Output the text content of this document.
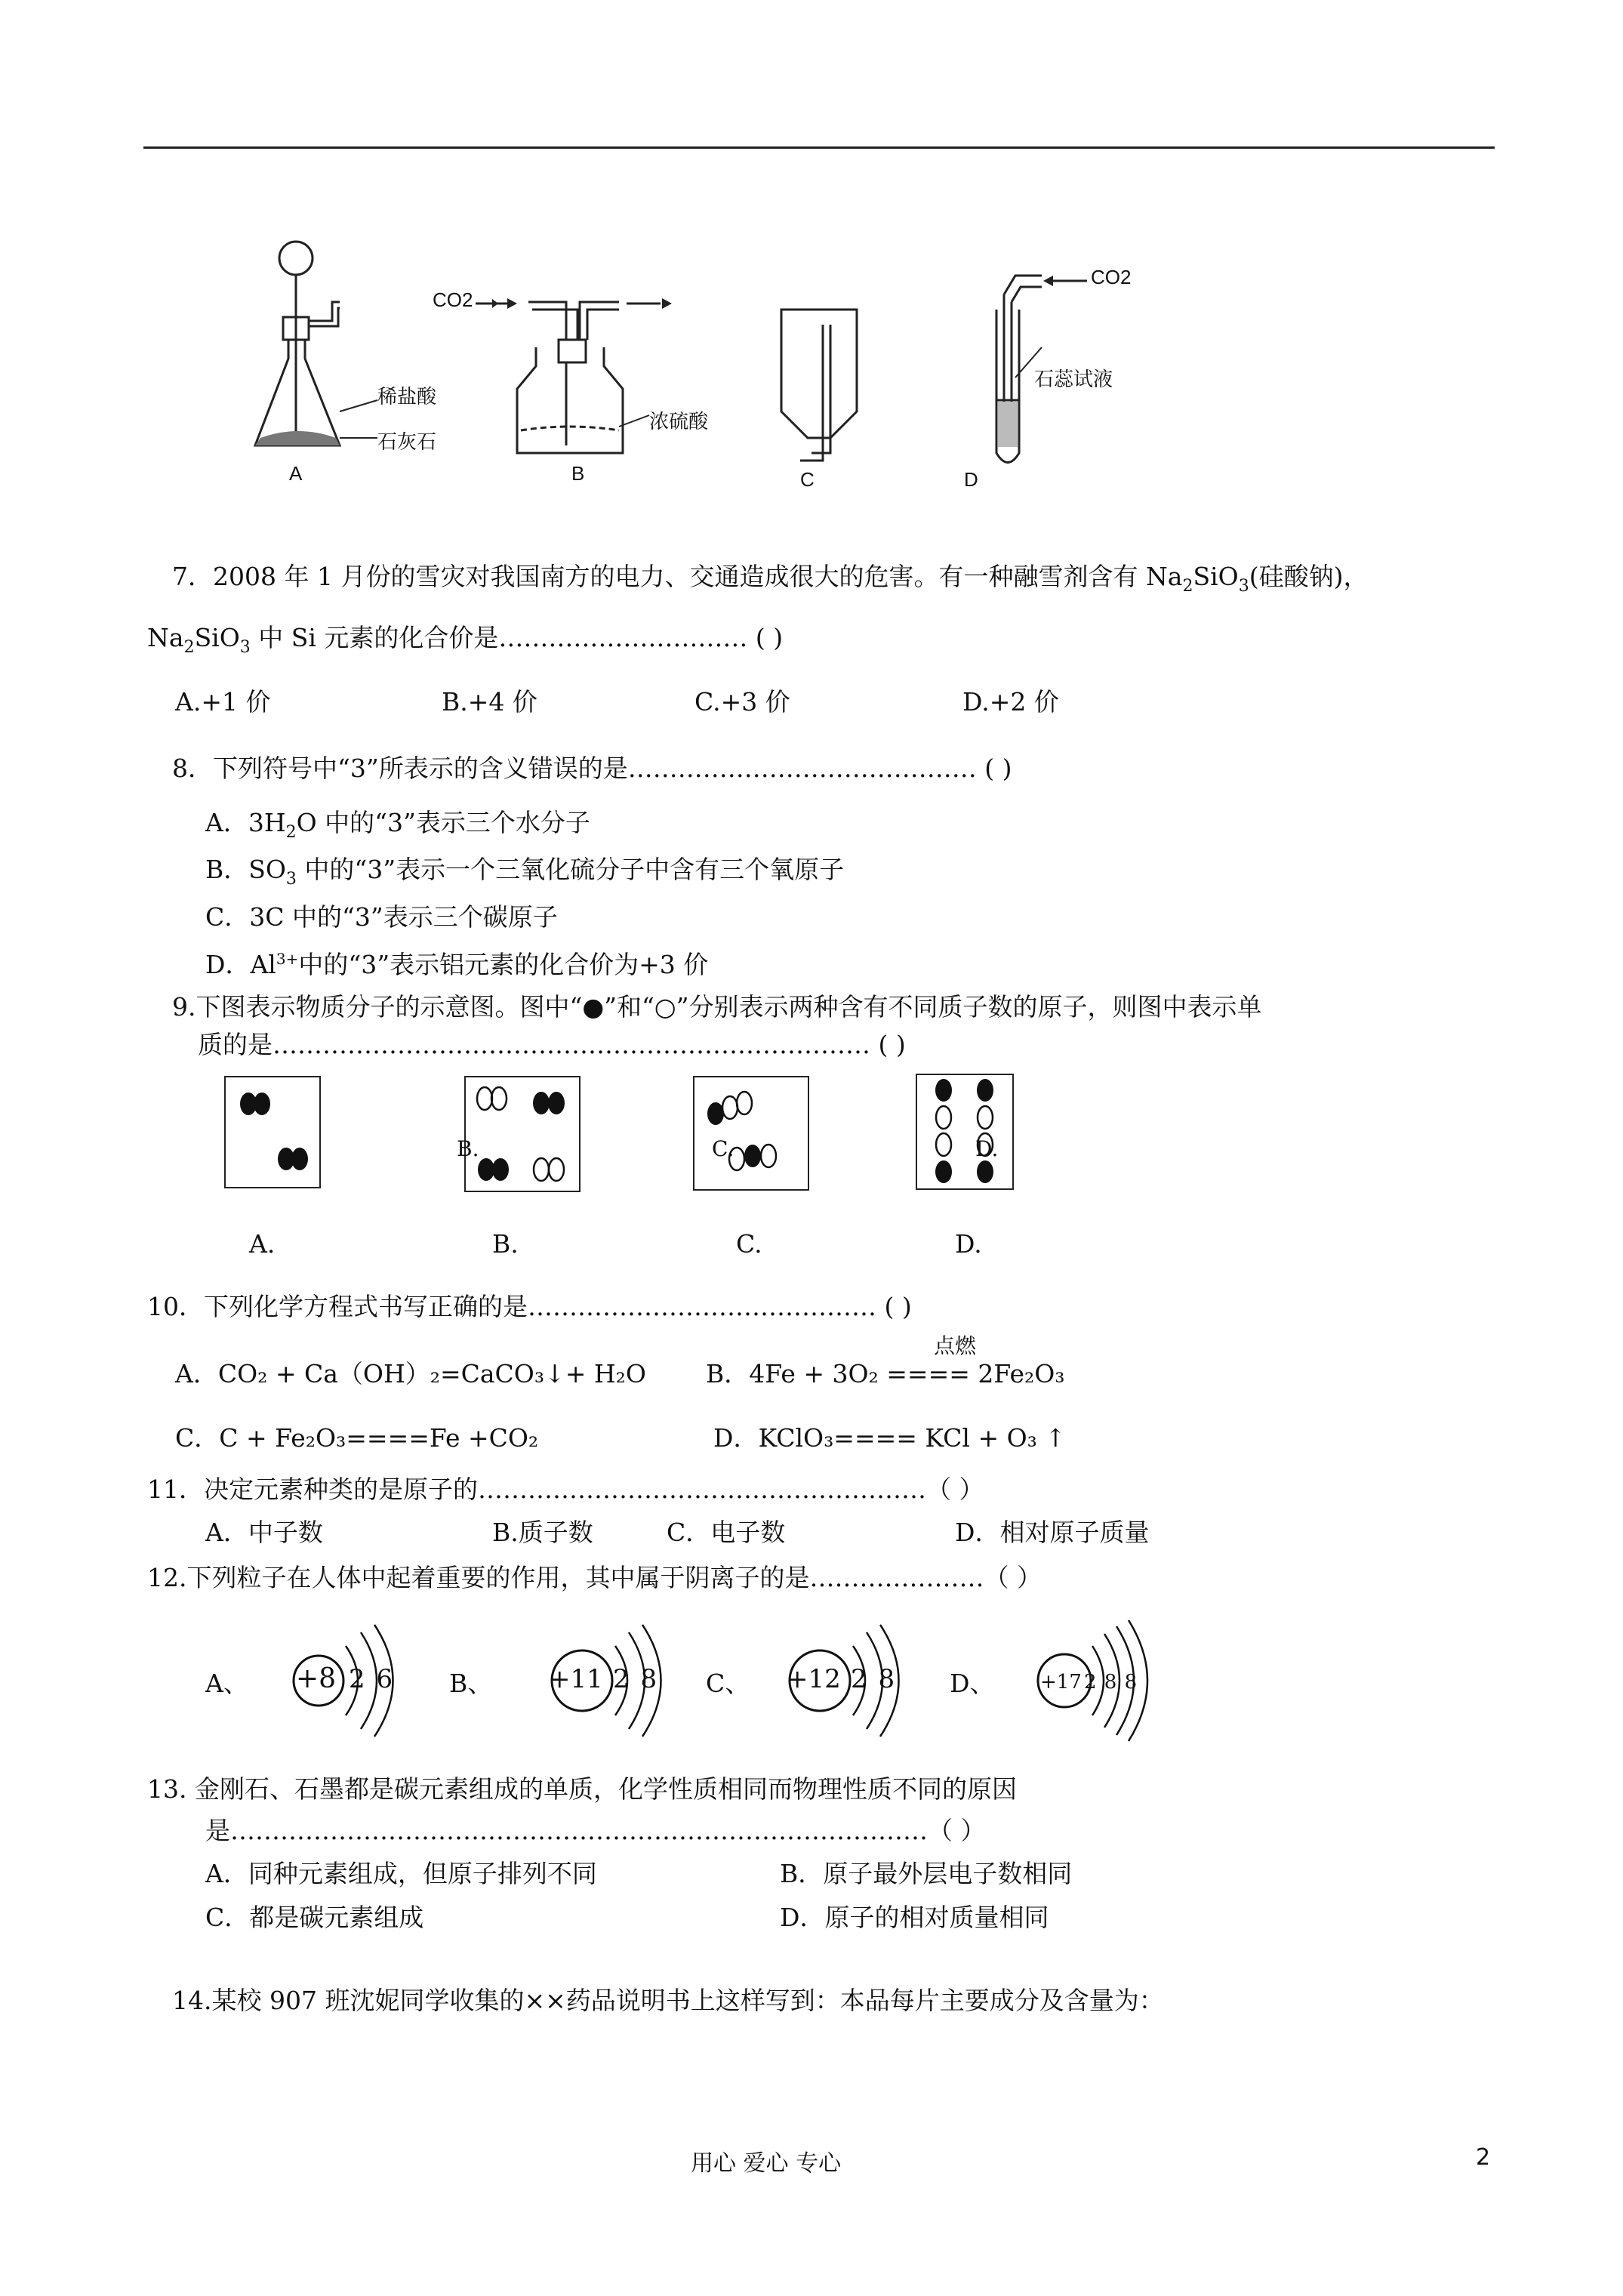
稀盐酸
石灰石
A
CO2
浓硫酸
B	C
CO2
石蕊试液
D
7．2008 年 1 月份的雪灾对我国南方的电力、交通造成很大的危害。有一种融雪剂含有 $Na_2SiO_3$(硅酸钠)，
$Na_2SiO_3$ 中 Si 元素的化合价是………………………… ( )
A.+1 价	B.+4 价	C.+3 价	D.+2 价
8．下列符号中“3”所表示的含义错误的是…………………………………… ( )
A．$3H_2O$ 中的“3”表示三个水分子
B．$SO_3$ 中的“3”表示一个三氧化硫分子中含有三个氧原子
C．3C 中的“3”表示三个碳原子
D．$Al^{3+}$中的“3”表示铝元素的化合价为+3 价
9.下图表示物质分子的示意图。图中“●”和“○”分别表示两种含有不同质子数的原子，则图中表示单
质的是……………………………………………………………… ( )
B.	C.	D.
A.	B.	C.	D.
10．下列化学方程式书写正确的是…………………………………… ( )
A．CO₂ + Ca（OH）₂=CaCO₃↓+ H₂O
点燃
B．4Fe + 3O₂ ==== 2Fe₂O₃
C．C + Fe₂O₃====Fe +CO₂	D．KClO₃==== KCl + O₃ ↑
11．决定元素种类的是原子的………………………………………………（ ）
A．中子数	B.质子数	C．电子数	D．相对原子质量
12.下列粒子在人体中起着重要的作用，其中属于阴离子的是…………………（ ）
A、	B、	C、	D、
+8 2 6	+11 2 8	+12 2 8	+17 2 8 8
13. 金刚石、石墨都是碳元素组成的单质，化学性质相同而物理性质不同的原因
是…………………………………………………………………………（ ）
A．同种元素组成，但原子排列不同	B．原子最外层电子数相同
C．都是碳元素组成	D．原子的相对质量相同
14.某校 907 班沈妮同学收集的××药品说明书上这样写到：本品每片主要成分及含量为：
用心 爱心 专心	2
